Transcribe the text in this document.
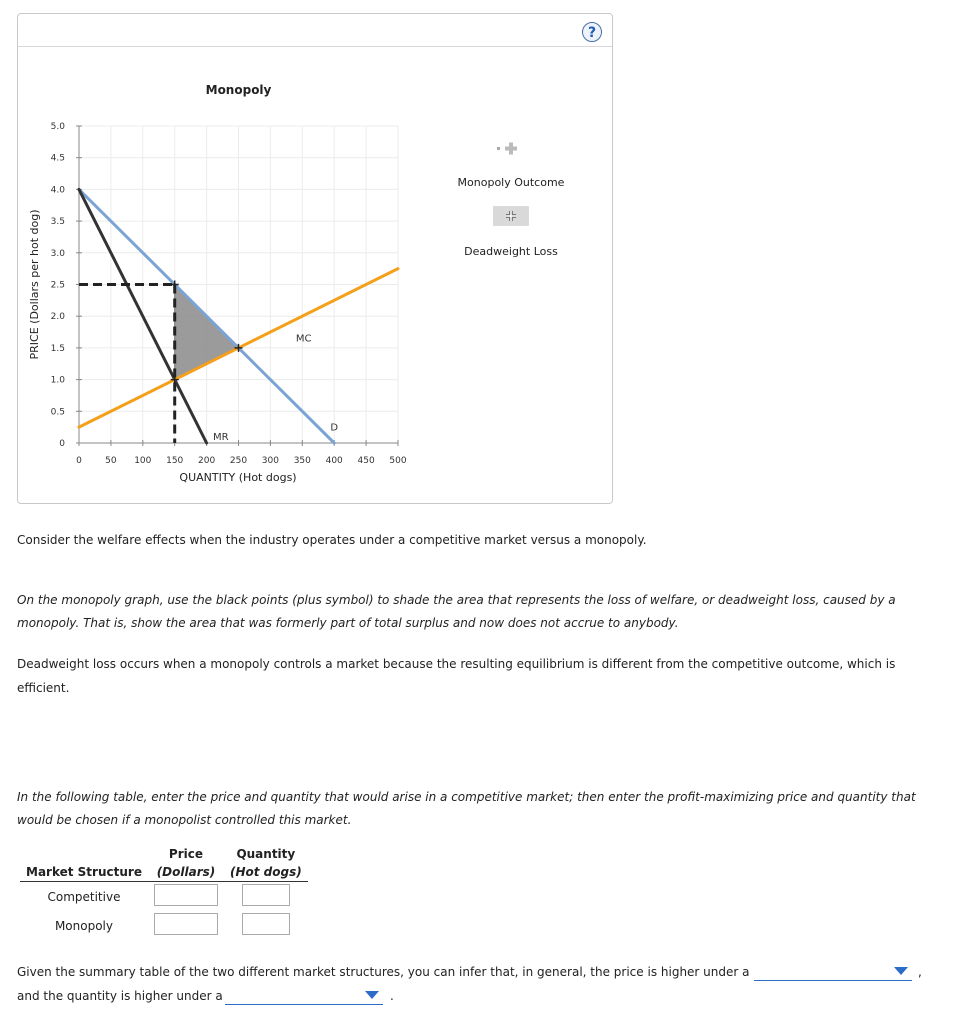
?
0	50 100 150 200 250 300 350 400 450 500
0
0.5
1.0
1.5
2.0
2.5
3.0
3.5
4.0
4.5
5.0
Monopoly
QUANTITY (Hot dogs)
PRICE (Dollars per hot dog)	MC
D
MR
Monopoly Outcome
Deadweight Loss
Consider the welfare effects when the industry operates under a competitive market versus a monopoly.
On the monopoly graph, use the black points (plus symbol) to shade the area that represents the loss of welfare, or deadweight loss, caused by a
monopoly. That is, show the area that was formerly part of total surplus and now does not accrue to anybody.
Deadweight loss occurs when a monopoly controls a market because the resulting equilibrium is different from the competitive outcome, which is
efficient.
In the following table, enter the price and quantity that would arise in a competitive market; then enter the profit-maximizing price and quantity that
would be chosen if a monopolist controlled this market.
	Price	Quantity
Market Structure	(Dollars)	(Hot dogs)
Competitive		
Monopoly		
Given the summary table of the two different market structures, you can infer that, in general, the price is higher under a	,
and the quantity is higher under a	.
